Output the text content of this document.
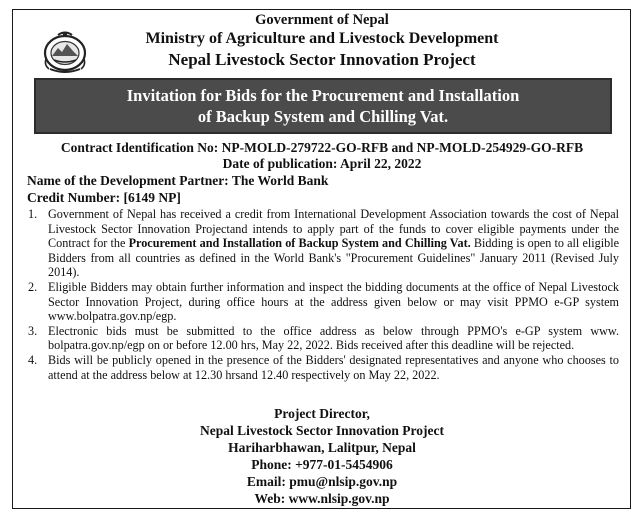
Government of Nepal
Ministry of Agriculture and Livestock Development
Nepal Livestock Sector Innovation Project
Invitation for Bids for the Procurement and Installation
of Backup System and Chilling Vat.
Contract Identification No: NP-MOLD-279722-GO-RFB and NP-MOLD-254929-GO-RFB
Date of publication: April 22, 2022
Name of the Development Partner: The World Bank
Credit Number: [6149 NP]

1. Government of Nepal has received a credit from International Development Association towards the cost of Nepal Livestock Sector Innovation Projectand intends to apply part of the funds to cover eligible payments under the Contract for the Procurement and Installation of Backup System and Chilling Vat. Bidding is open to all eligible Bidders from all countries as defined in the World Bank's "Procurement Guidelines" January 2011 (Revised July 2014).

2. Eligible Bidders may obtain further information and inspect the bidding documents at the office of Nepal Livestock Sector Innovation Project, during office hours at the address given below or may visit PPMO e-GP system www.bolpatra.gov.np/egp.

3. Electronic bids must be submitted to the office address as below through PPMO's e-GP system www. bolpatra.gov.np/egp on or before 12.00 hrs, May 22, 2022. Bids received after this deadline will be rejected.

4. Bids will be publicly opened in the presence of the Bidders' designated representatives and anyone who chooses to attend at the address below at 12.30 hrsand 12.40 respectively on May 22, 2022.

Project Director,
Nepal Livestock Sector Innovation Project
Hariharbhawan, Lalitpur, Nepal
Phone: +977-01-5454906
Email: pmu@nlsip.gov.np
Web: www.nlsip.gov.np
